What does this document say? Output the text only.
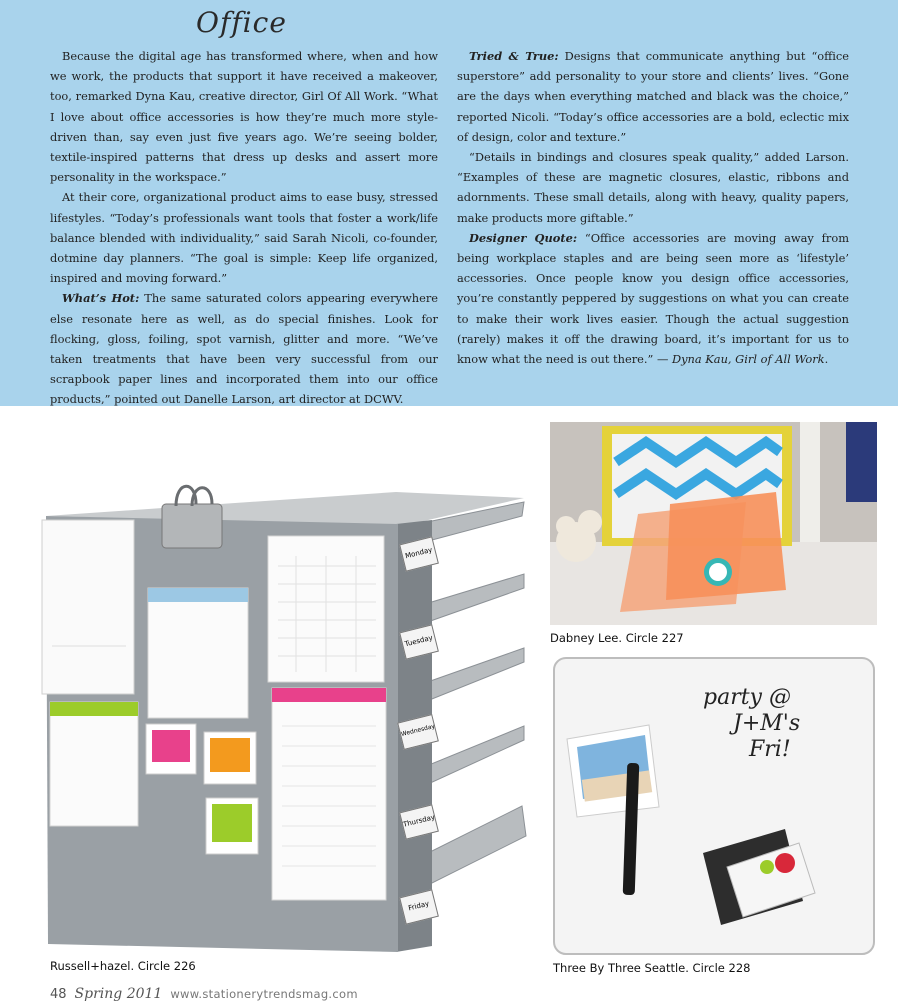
Office

Because the digital age has transformed where, when and how we work, the products that support it have received a makeover, too, remarked Dyna Kau, creative director, Girl Of All Work. “What I love about office accessories is how they’re much more style-driven than, say even just five years ago. We’re seeing bolder, textile-inspired patterns that dress up desks and assert more personality in the workspace.”

At their core, organizational product aims to ease busy, stressed lifestyles. “Today’s professionals want tools that foster a work/life balance blended with individuality,” said Sarah Nicoli, co-founder, dotmine day planners. “The goal is simple: Keep life organized, inspired and moving forward.”

What’s Hot: The same saturated colors appearing everywhere else resonate here as well, as do special finishes. Look for flocking, gloss, foiling, spot varnish, glitter and more. “We’ve taken treatments that have been very successful from our scrapbook paper lines and incorporated them into our office products,” pointed out Danelle Larson, art director at DCWV.

Tried & True: Designs that communicate anything but “office superstore” add personality to your store and clients’ lives. “Gone are the days when everything matched and black was the choice,” reported Nicoli. “Today’s office accessories are a bold, eclectic mix of design, color and texture.”

“Details in bindings and closures speak quality,” added Larson. “Examples of these are magnetic closures, elastic, ribbons and adornments. These small details, along with heavy, quality papers, make products more giftable.”

Designer Quote: “Office accessories are moving away from being workplace staples and are being seen more as ‘lifestyle’ accessories. Once people know you design office accessories, you’re constantly peppered by suggestions on what you can create to make their work lives easier. Though the actual suggestion (rarely) makes it off the drawing board, it’s important for us to know what the need is out there.” — Dyna Kau, Girl of All Work.

Monday
Tuesday
Wednesday
Thursday
Friday
Dabney Lee. Circle 227
party @
J+M's
Fri!
Russell+hazel. Circle 226	Three By Three Seattle. Circle 228
48 Spring 2011 www.stationerytrendsmag.com
